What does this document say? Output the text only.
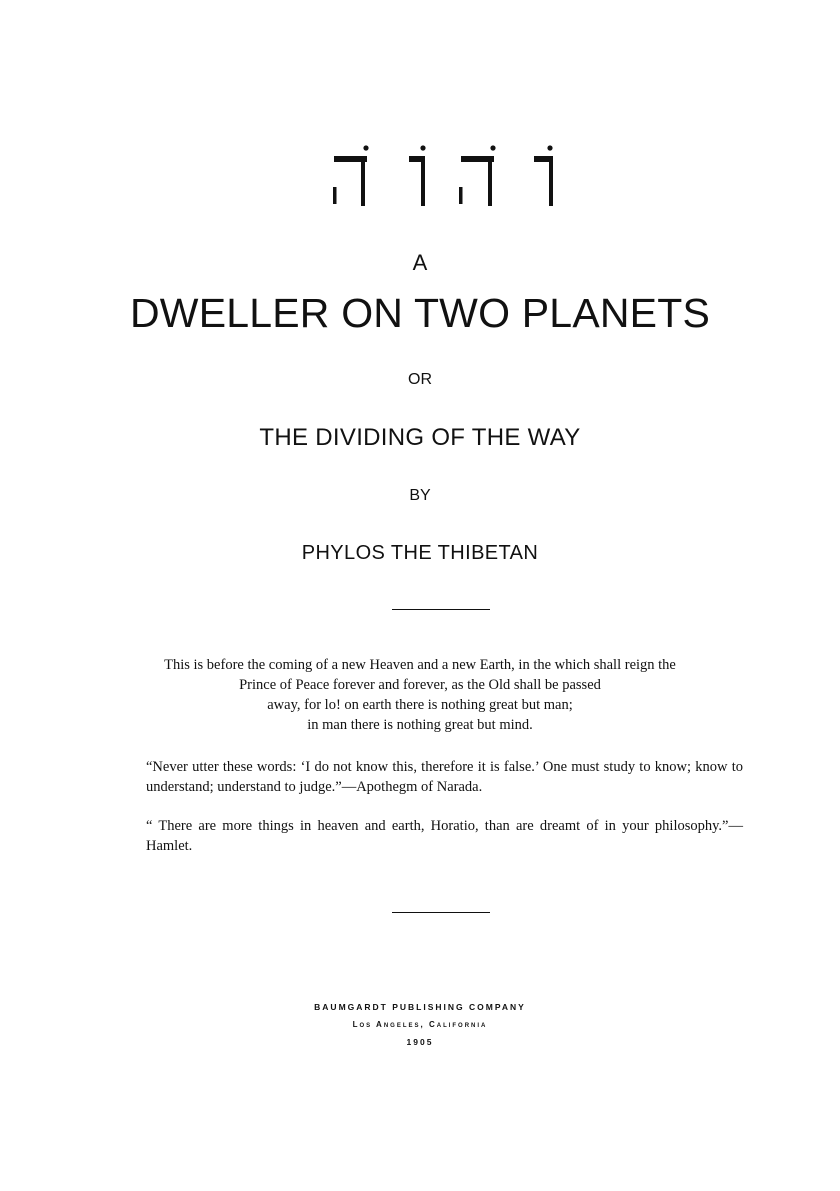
A
DWELLER ON TWO PLANETS
OR
THE DIVIDING OF THE WAY
BY
PHYLOS THE THIBETAN
This is before the coming of a new Heaven and a new Earth, in the which shall reign the
Prince of Peace forever and forever, as the Old shall be passed
away, for lo! on earth there is nothing great but man;
in man there is nothing great but mind.
“Never utter these words: ‘I do not know this, therefore it is false.’ One must study to know; know to understand; understand to judge.”—Apothegm of Narada.
“ There are more things in heaven and earth, Horatio, than are dreamt of in your philosophy.”—Hamlet.
BAUMGARDT PUBLISHING COMPANY
Los Angeles, California
1905
